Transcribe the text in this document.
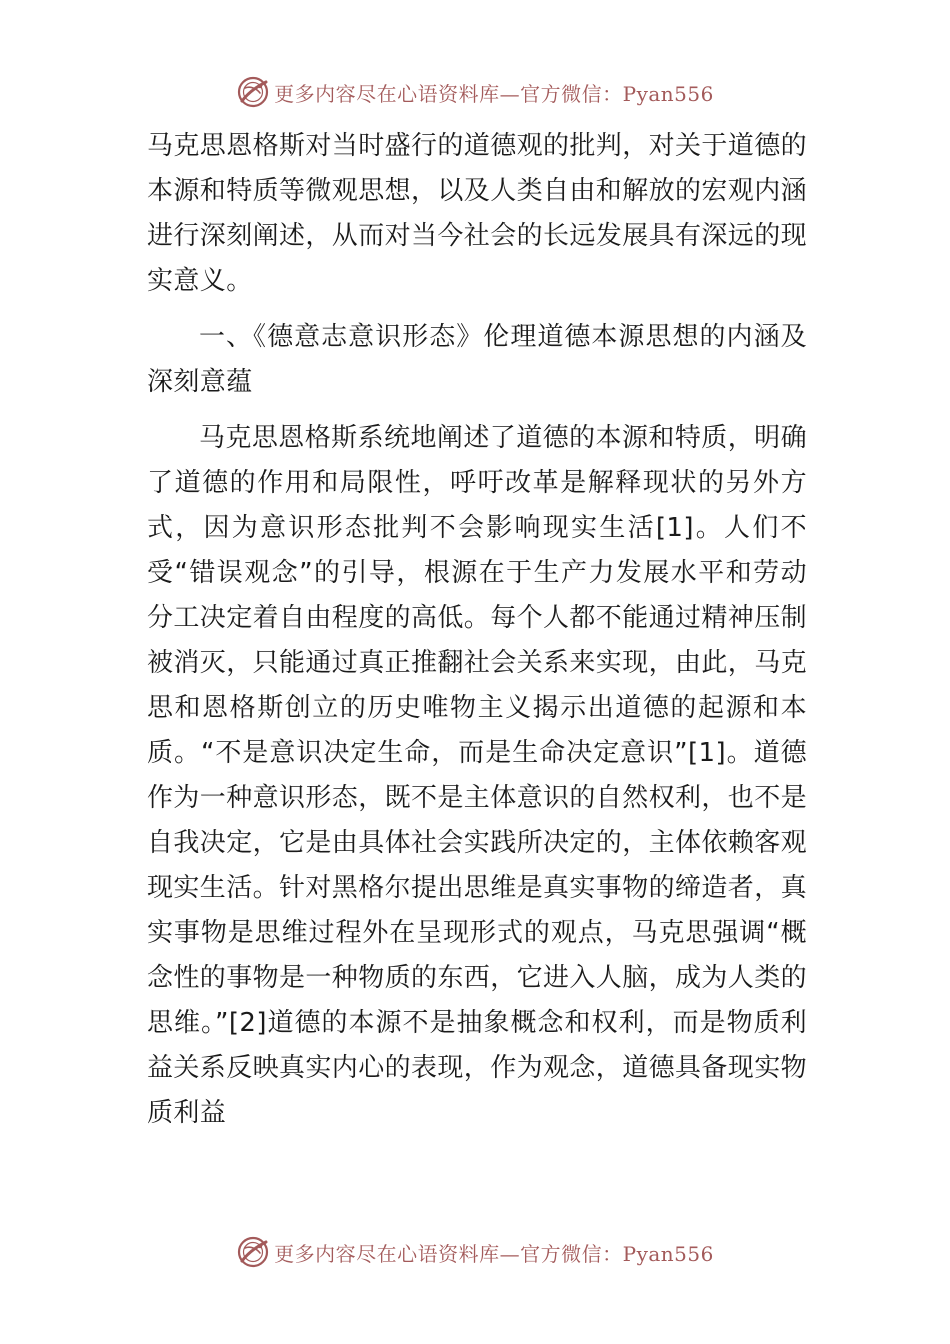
更多内容尽在心语资料库—官方微信：Pyan556

马克思恩格斯对当时盛行的道德观的批判，对关于道德的本源和特质等微观思想，以及人类自由和解放的宏观内涵进行深刻阐述，从而对当今社会的长远发展具有深远的现实意义。

一、《德意志意识形态》伦理道德本源思想的内涵及深刻意蕴

马克思恩格斯系统地阐述了道德的本源和特质，明确了道德的作用和局限性，呼吁改革是解释现状的另外方式，因为意识形态批判不会影响现实生活[1]。人们不受“错误观念”的引导，根源在于生产力发展水平和劳动分工决定着自由程度的高低。每个人都不能通过精神压制被消灭，只能通过真正推翻社会关系来实现，由此，马克思和恩格斯创立的历史唯物主义揭示出道德的起源和本质。“不是意识决定生命，而是生命决定意识”[1]。道德作为一种意识形态，既不是主体意识的自然权利，也不是自我决定，它是由具体社会实践所决定的，主体依赖客观现实生活。针对黑格尔提出思维是真实事物的缔造者，真实事物是思维过程外在呈现形式的观点，马克思强调“概念性的事物是一种物质的东西，它进入人脑，成为人类的思维。”[2]道德的本源不是抽象概念和权利，而是物质利益关系反映真实内心的表现，作为观念，道德具备现实物质利益

更多内容尽在心语资料库—官方微信：Pyan556
